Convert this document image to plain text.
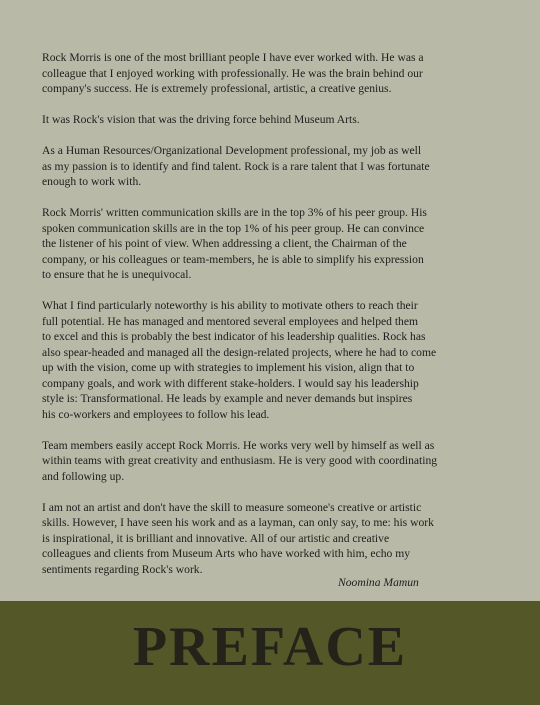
Rock Morris is one of the most brilliant people I have ever worked with. He was a
colleague that I enjoyed working with professionally. He was the brain behind our
company's success. He is extremely professional, artistic, a creative genius.

It was Rock's vision that was the driving force behind Museum Arts.

As a Human Resources/Organizational Development professional, my job as well
as my passion is to identify and find talent. Rock is a rare talent that I was fortunate
enough to work with.

Rock Morris' written communication skills are in the top 3% of his peer group. His
spoken communication skills are in the top 1% of his peer group. He can convince
the listener of his point of view. When addressing a client, the Chairman of the
company, or his colleagues or team-members, he is able to simplify his expression
to ensure that he is unequivocal.

What I find particularly noteworthy is his ability to motivate others to reach their
full potential. He has managed and mentored several employees and helped them
to excel and this is probably the best indicator of his leadership qualities. Rock has
also spear-headed and managed all the design-related projects, where he had to come
up with the vision, come up with strategies to implement his vision, align that to
company goals, and work with different stake-holders. I would say his leadership
style is: Transformational. He leads by example and never demands but inspires
his co-workers and employees to follow his lead.

Team members easily accept Rock Morris. He works very well by himself as well as
within teams with great creativity and enthusiasm. He is very good with coordinating
and following up.

I am not an artist and don't have the skill to measure someone's creative or artistic
skills. However, I have seen his work and as a layman, can only say, to me: his work
is inspirational, it is brilliant and innovative. All of our artistic and creative
colleagues and clients from Museum Arts who have worked with him, echo my
sentiments regarding Rock's work.

Noomina Mamun
PREFACE
